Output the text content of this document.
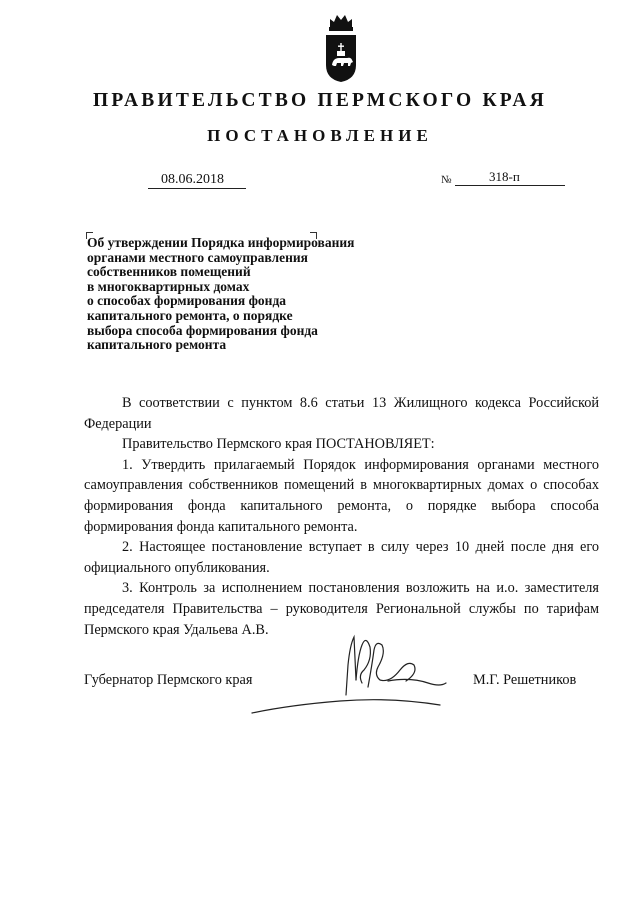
ПРАВИТЕЛЬСТВО ПЕРМСКОГО КРАЯ
ПОСТАНОВЛЕНИЕ
08.06.2018	№	318-п
Об утверждении Порядка информирования
органами местного самоуправления
собственников помещений
в многоквартирных домах
о способах формирования фонда
капитального ремонта, о порядке
выбора способа формирования фонда
капитального ремонта

В соответствии с пунктом 8.6 статьи 13 Жилищного кодекса Российской Федерации

Правительство Пермского края ПОСТАНОВЛЯЕТ:

1. Утвердить прилагаемый Порядок информирования органами местного самоуправления собственников помещений в многоквартирных домах о способах формирования фонда капитального ремонта, о порядке выбора способа формирования фонда капитального ремонта.

2. Настоящее постановление вступает в силу через 10 дней после дня его официального опубликования.

3. Контроль за исполнением постановления возложить на и.о. заместителя председателя Правительства – руководителя Региональной службы по тарифам Пермского края Удальева А.В.

Губернатор Пермского края	М.Г. Решетников
